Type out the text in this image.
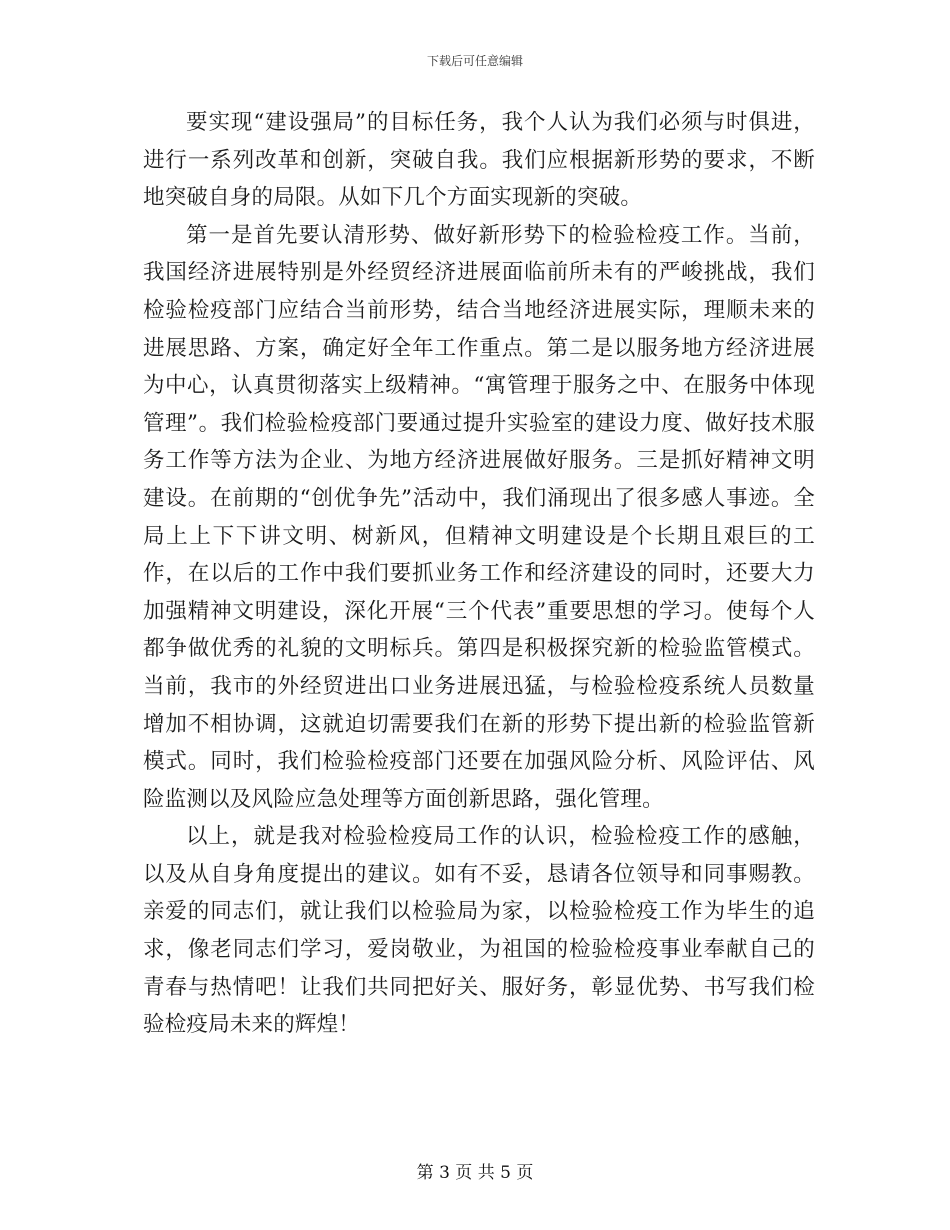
下载后可任意编辑

要实现“建设强局”的目标任务，我个人认为我们必须与时俱进，进行一系列改革和创新，突破自我。我们应根据新形势的要求，不断地突破自身的局限。从如下几个方面实现新的突破。

第一是首先要认清形势、做好新形势下的检验检疫工作。当前，我国经济进展特别是外经贸经济进展面临前所未有的严峻挑战，我们检验检疫部门应结合当前形势，结合当地经济进展实际，理顺未来的进展思路、方案，确定好全年工作重点。第二是以服务地方经济进展为中心，认真贯彻落实上级精神。“寓管理于服务之中、在服务中体现管理”。我们检验检疫部门要通过提升实验室的建设力度、做好技术服务工作等方法为企业、为地方经济进展做好服务。三是抓好精神文明建设。在前期的“创优争先”活动中，我们涌现出了很多感人事迹。全局上上下下讲文明、树新风，但精神文明建设是个长期且艰巨的工作，在以后的工作中我们要抓业务工作和经济建设的同时，还要大力加强精神文明建设，深化开展“三个代表”重要思想的学习。使每个人都争做优秀的礼貌的文明标兵。第四是积极探究新的检验监管模式。当前，我市的外经贸进出口业务进展迅猛，与检验检疫系统人员数量增加不相协调，这就迫切需要我们在新的形势下提出新的检验监管新模式。同时，我们检验检疫部门还要在加强风险分析、风险评估、风险监测以及风险应急处理等方面创新思路，强化管理。

以上，就是我对检验检疫局工作的认识，检验检疫工作的感触，以及从自身角度提出的建议。如有不妥，恳请各位领导和同事赐教。亲爱的同志们，就让我们以检验局为家，以检验检疫工作为毕生的追求，像老同志们学习，爱岗敬业，为祖国的检验检疫事业奉献自己的青春与热情吧！让我们共同把好关、服好务，彰显优势、书写我们检验检疫局未来的辉煌！

第 3 页 共 5 页
